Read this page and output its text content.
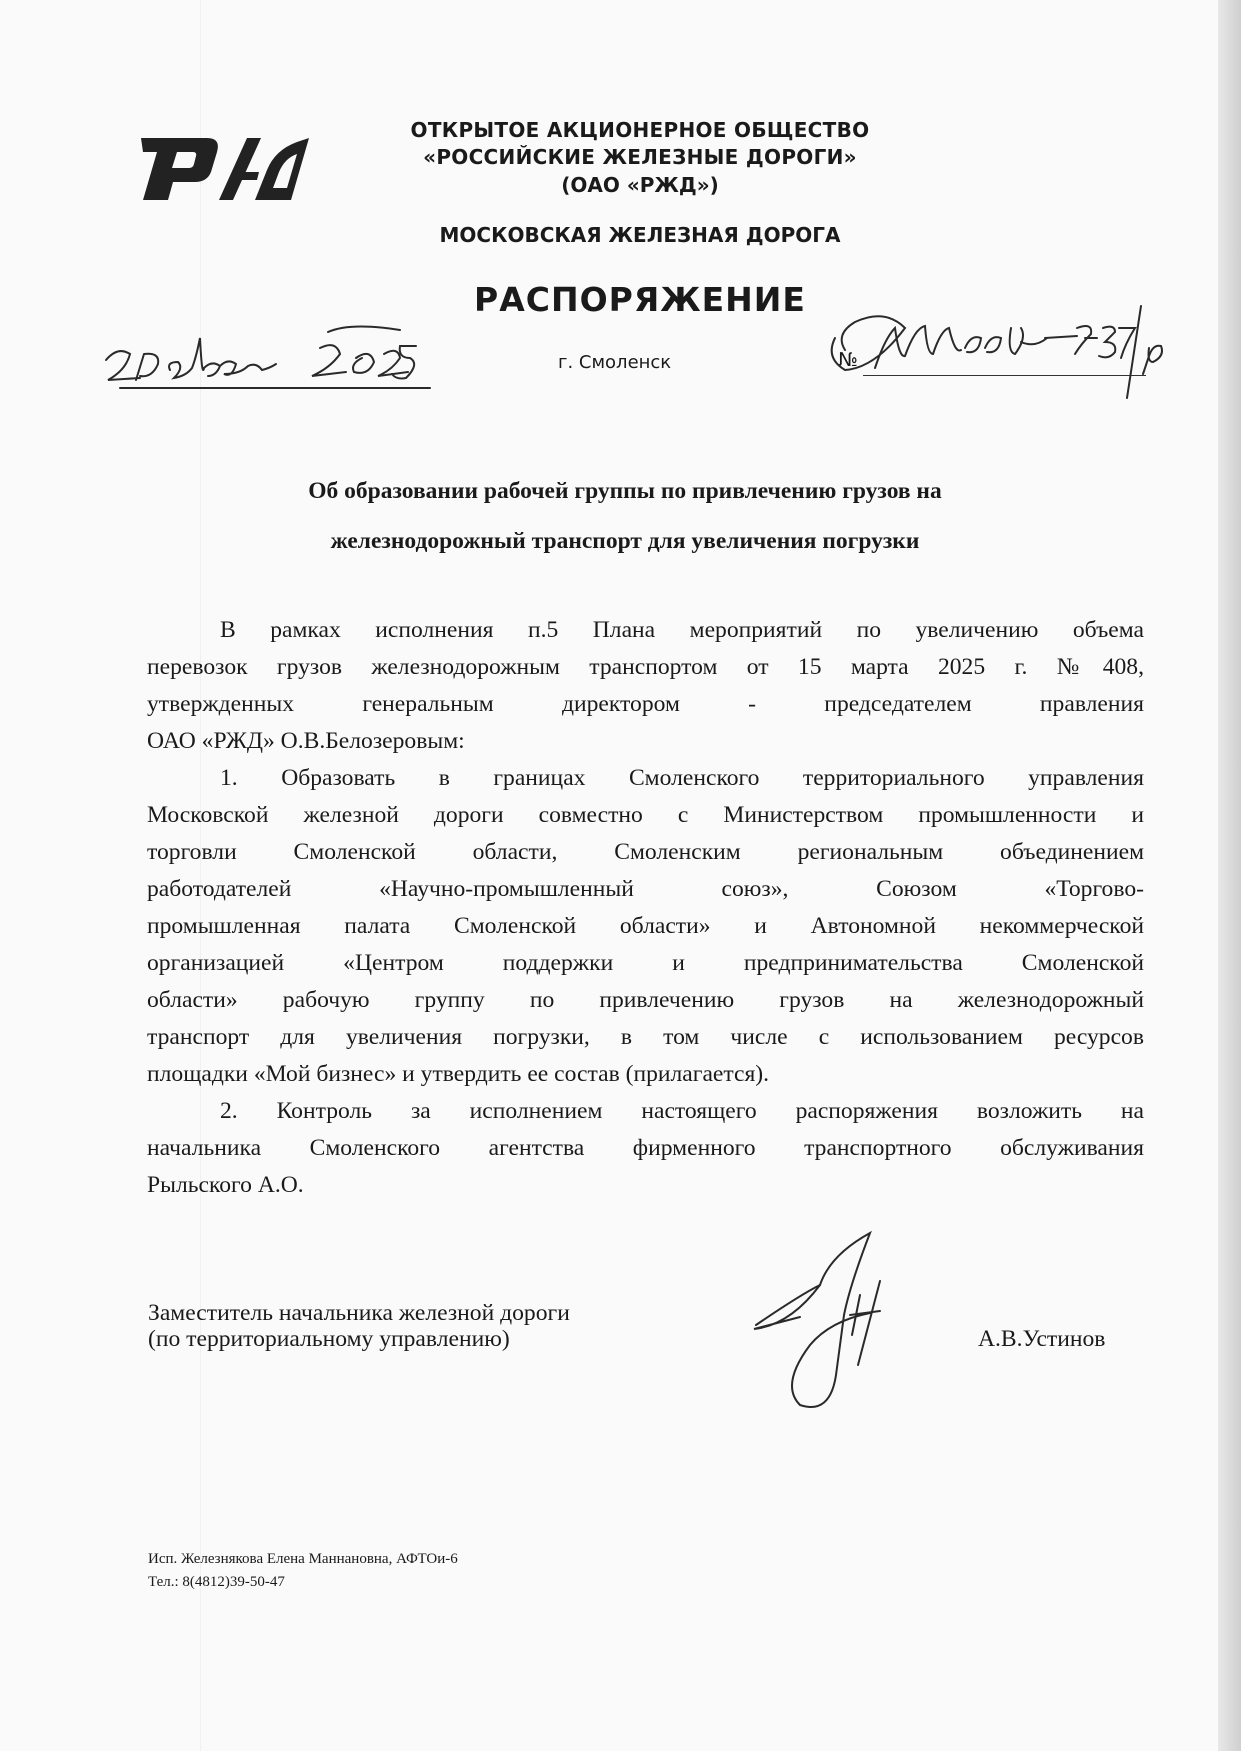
ОТКРЫТОЕ АКЦИОНЕРНОЕ ОБЩЕСТВО
«РОССИЙСКИЕ ЖЕЛЕЗНЫЕ ДОРОГИ»
(ОАО «РЖД»)
МОСКОВСКАЯ ЖЕЛЕЗНАЯ ДОРОГА
РАСПОРЯЖЕНИЕ
г. Смоленск	№
Об образовании рабочей группы по привлечению грузов на
железнодорожный транспорт для увеличения погрузки
В рамках исполнения п.5 Плана мероприятий по увеличению объема
перевозок грузов железнодорожным транспортом от 15 марта 2025 г. №408,
утвержденных генеральным директором - председателем правления
ОАО «РЖД» О.В.Белозеровым:
1. Образовать в границах Смоленского территориального управления
Московской железной дороги совместно с Министерством промышленности и
торговли Смоленской области, Смоленским региональным объединением
работодателей «Научно-промышленный союз», Союзом «Торгово-
промышленная палата Смоленской области» и Автономной некоммерческой
организацией «Центром поддержки и предпринимательства Смоленской
области» рабочую группу по привлечению грузов на железнодорожный
транспорт для увеличения погрузки, в том числе с использованием ресурсов
площадки «Мой бизнес» и утвердить ее состав (прилагается).
2. Контроль за исполнением настоящего распоряжения возложить на
начальника Смоленского агентства фирменного транспортного обслуживания
Рыльского А.О.
Заместитель начальника железной дороги
(по территориальному управлению)	А.В.Устинов
Исп. Железнякова Елена Маннановна, АФТОи-6
Тел.: 8(4812)39-50-47
